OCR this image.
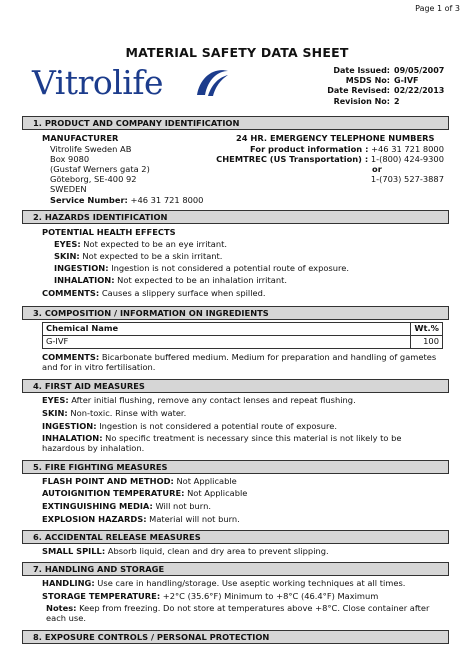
Page 1 of 3
MATERIAL SAFETY DATA SHEET
Vitrolife	Date Issued: 09/05/2007
MSDS No: G-IVF
Date Revised: 02/22/2013
Revision No: 2
1. PRODUCT AND COMPANY IDENTIFICATION
MANUFACTURER
Vitrolife Sweden AB
Box 9080
(Gustaf Werners gata 2)
Göteborg, SE-400 92
SWEDEN
Service Number: +46 31 721 8000
24 HR. EMERGENCY TELEPHONE NUMBERS
For product information : +46 31 721 8000
CHEMTREC (US Transportation) : 1-(800) 424-9300
or
1-(703) 527-3887
2. HAZARDS IDENTIFICATION
POTENTIAL HEALTH EFFECTS
EYES: Not expected to be an eye irritant.
SKIN: Not expected to be a skin irritant.
INGESTION: Ingestion is not considered a potential route of exposure.
INHALATION: Not expected to be an inhalation irritant.
COMMENTS: Causes a slippery surface when spilled.
3. COMPOSITION / INFORMATION ON INGREDIENTS
Chemical Name	Wt.%
G-IVF	100
COMMENTS: Bicarbonate buffered medium. Medium for preparation and handling of gametes and for in vitro fertilisation.
4. FIRST AID MEASURES
EYES: After initial flushing, remove any contact lenses and repeat flushing.
SKIN: Non-toxic. Rinse with water.
INGESTION: Ingestion is not considered a potential route of exposure.
INHALATION: No specific treatment is necessary since this material is not likely to be hazardous by inhalation.
5. FIRE FIGHTING MEASURES
FLASH POINT AND METHOD: Not Applicable
AUTOIGNITION TEMPERATURE: Not Applicable
EXTINGUISHING MEDIA: Will not burn.
EXPLOSION HAZARDS: Material will not burn.
6. ACCIDENTAL RELEASE MEASURES
SMALL SPILL: Absorb liquid, clean and dry area to prevent slipping.
7. HANDLING AND STORAGE
HANDLING: Use care in handling/storage. Use aseptic working techniques at all times.
STORAGE TEMPERATURE: +2°C (35.6°F) Minimum to +8°C (46.4°F) Maximum
Notes: Keep from freezing. Do not store at temperatures above +8°C. Close container after each use.
8. EXPOSURE CONTROLS / PERSONAL PROTECTION
